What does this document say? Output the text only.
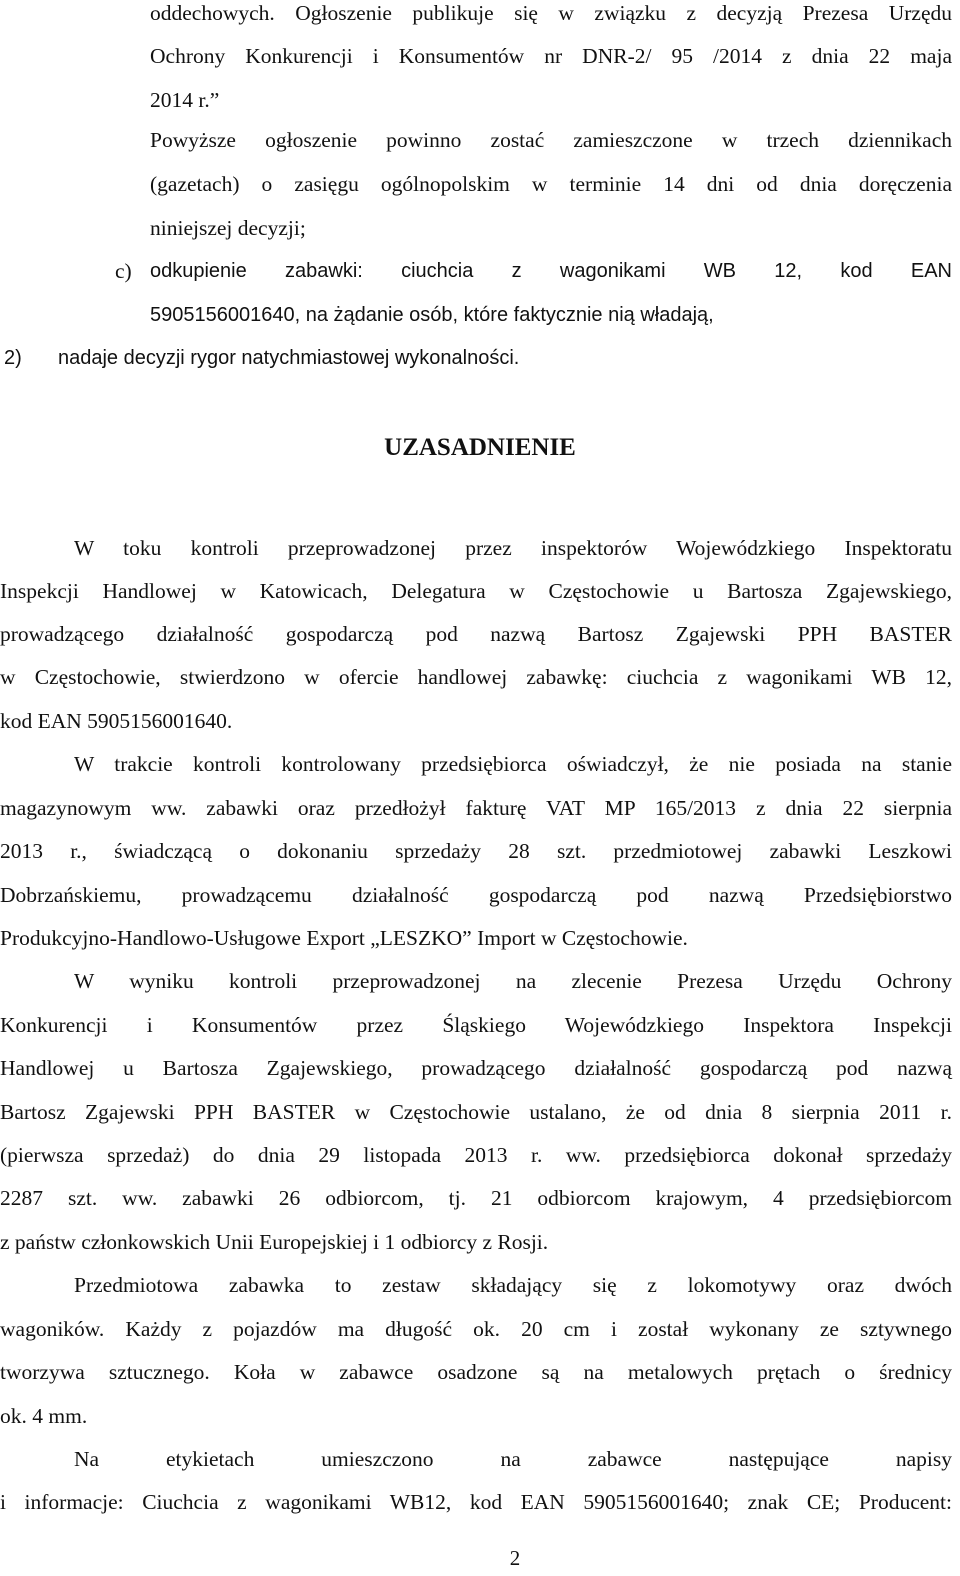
oddechowych. Ogłoszenie publikuje się w związku z decyzją Prezesa Urzędu
Ochrony Konkurencji i Konsumentów nr DNR-2/ 95 /2014 z dnia 22 maja
2014 r.”
Powyższe ogłoszenie powinno zostać zamieszczone w trzech dziennikach
(gazetach) o zasięgu ogólnopolskim w terminie 14 dni od dnia doręczenia
niniejszej decyzji;
c) odkupienie zabawki: ciuchcia z wagonikami WB 12, kod EAN
5905156001640, na żądanie osób, które faktycznie nią władają,
2) nadaje decyzji rygor natychmiastowej wykonalności.
UZASADNIENIE
W toku kontroli przeprowadzonej przez inspektorów Wojewódzkiego Inspektoratu
Inspekcji Handlowej w Katowicach, Delegatura w Częstochowie u Bartosza Zgajewskiego,
prowadzącego działalność gospodarczą pod nazwą Bartosz Zgajewski PPH BASTER
w Częstochowie, stwierdzono w ofercie handlowej zabawkę: ciuchcia z wagonikami WB 12,
kod EAN 5905156001640.
W trakcie kontroli kontrolowany przedsiębiorca oświadczył, że nie posiada na stanie
magazynowym ww. zabawki oraz przedłożył fakturę VAT MP 165/2013 z dnia 22 sierpnia
2013 r., świadczącą o dokonaniu sprzedaży 28 szt. przedmiotowej zabawki Leszkowi
Dobrzańskiemu, prowadzącemu działalność gospodarczą pod nazwą Przedsiębiorstwo
Produkcyjno-Handlowo-Usługowe Export „LESZKO” Import w Częstochowie.
W wyniku kontroli przeprowadzonej na zlecenie Prezesa Urzędu Ochrony
Konkurencji i Konsumentów przez Śląskiego Wojewódzkiego Inspektora Inspekcji
Handlowej u Bartosza Zgajewskiego, prowadzącego działalność gospodarczą pod nazwą
Bartosz Zgajewski PPH BASTER w Częstochowie ustalano, że od dnia 8 sierpnia 2011 r.
(pierwsza sprzedaż) do dnia 29 listopada 2013 r. ww. przedsiębiorca dokonał sprzedaży
2287 szt. ww. zabawki 26 odbiorcom, tj. 21 odbiorcom krajowym, 4 przedsiębiorcom
z państw członkowskich Unii Europejskiej i 1 odbiorcy z Rosji.
Przedmiotowa zabawka to zestaw składający się z lokomotywy oraz dwóch
wagoników. Każdy z pojazdów ma długość ok. 20 cm i został wykonany ze sztywnego
tworzywa sztucznego. Koła w zabawce osadzone są na metalowych prętach o średnicy
ok. 4 mm.
Na etykietach umieszczono na zabawce następujące napisy
i informacje: Ciuchcia z wagonikami WB12, kod EAN 5905156001640; znak CE; Producent:
2
